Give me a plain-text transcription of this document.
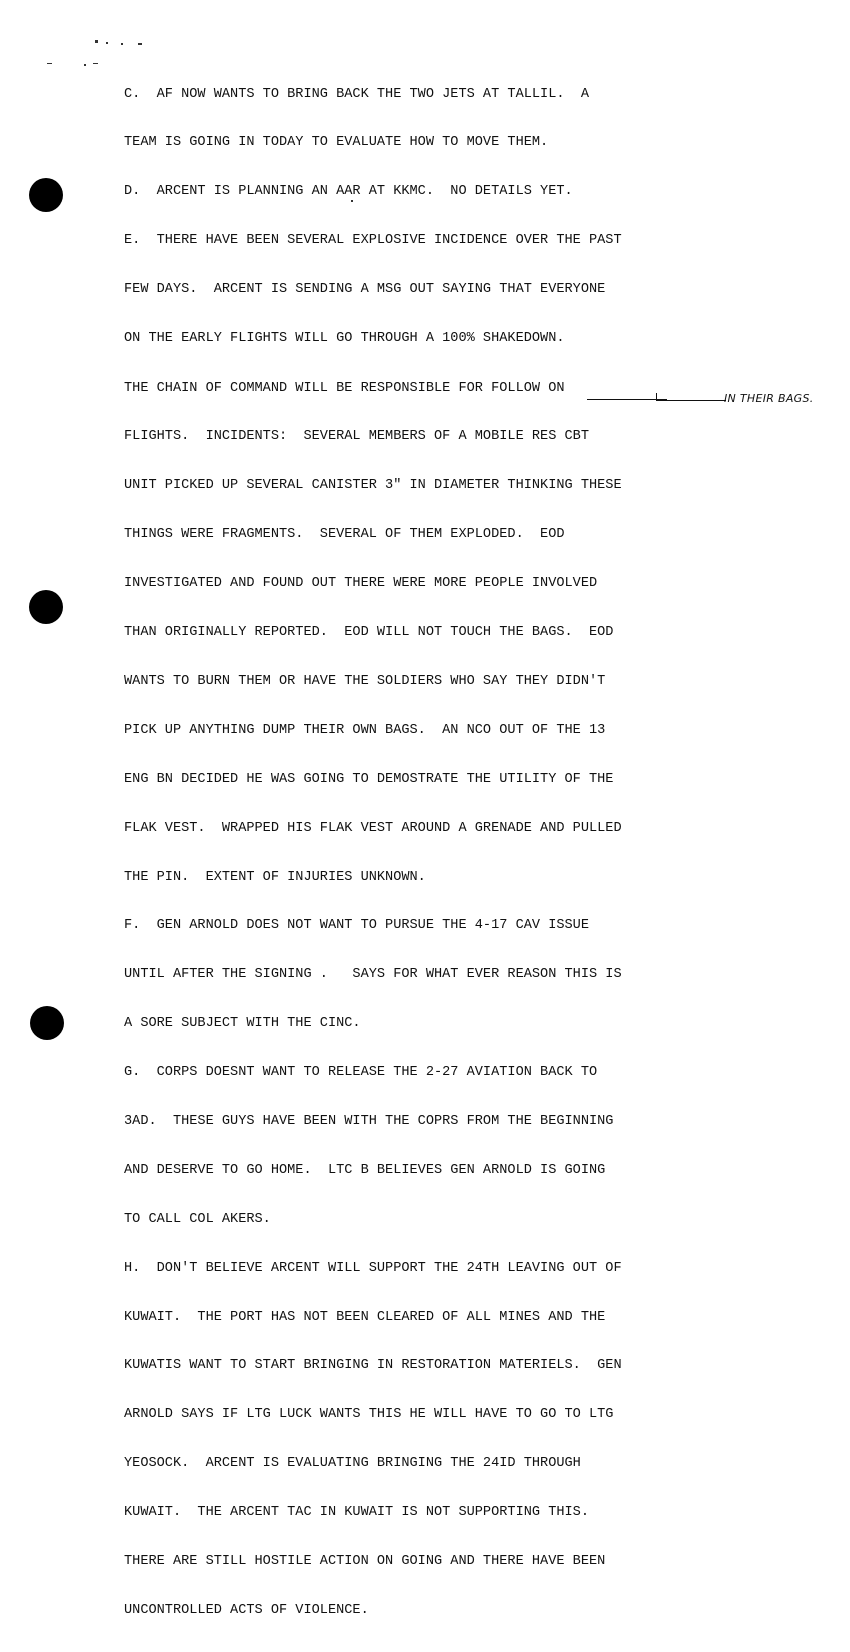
C.  AF NOW WANTS TO BRING BACK THE TWO JETS AT TALLIL.  A

TEAM IS GOING IN TODAY TO EVALUATE HOW TO MOVE THEM.

D.  ARCENT IS PLANNING AN AAR AT KKMC.  NO DETAILS YET.

E.  THERE HAVE BEEN SEVERAL EXPLOSIVE INCIDENCE OVER THE PAST

FEW DAYS.  ARCENT IS SENDING A MSG OUT SAYING THAT EVERYONE

ON THE EARLY FLIGHTS WILL GO THROUGH A 100% SHAKEDOWN.

THE CHAIN OF COMMAND WILL BE RESPONSIBLE FOR FOLLOW ON

FLIGHTS.  INCIDENTS:  SEVERAL MEMBERS OF A MOBILE RES CBT

UNIT PICKED UP SEVERAL CANISTER 3" IN DIAMETER THINKING THESE

THINGS WERE FRAGMENTS.  SEVERAL OF THEM EXPLODED.  EOD

INVESTIGATED AND FOUND OUT THERE WERE MORE PEOPLE INVOLVED

THAN ORIGINALLY REPORTED.  EOD WILL NOT TOUCH THE BAGS.  EOD

WANTS TO BURN THEM OR HAVE THE SOLDIERS WHO SAY THEY DIDN'T

PICK UP ANYTHING DUMP THEIR OWN BAGS.  AN NCO OUT OF THE 13

ENG BN DECIDED HE WAS GOING TO DEMOSTRATE THE UTILITY OF THE

FLAK VEST.  WRAPPED HIS FLAK VEST AROUND A GRENADE AND PULLED

THE PIN.  EXTENT OF INJURIES UNKNOWN.

F.  GEN ARNOLD DOES NOT WANT TO PURSUE THE 4-17 CAV ISSUE

UNTIL AFTER THE SIGNING .   SAYS FOR WHAT EVER REASON THIS IS

A SORE SUBJECT WITH THE CINC.

G.  CORPS DOESNT WANT TO RELEASE THE 2-27 AVIATION BACK TO

3AD.  THESE GUYS HAVE BEEN WITH THE COPRS FROM THE BEGINNING

AND DESERVE TO GO HOME.  LTC B BELIEVES GEN ARNOLD IS GOING

TO CALL COL AKERS.

H.  DON'T BELIEVE ARCENT WILL SUPPORT THE 24TH LEAVING OUT OF

KUWAIT.  THE PORT HAS NOT BEEN CLEARED OF ALL MINES AND THE

KUWATIS WANT TO START BRINGING IN RESTORATION MATERIELS.  GEN

ARNOLD SAYS IF LTG LUCK WANTS THIS HE WILL HAVE TO GO TO LTG

YEOSOCK.  ARCENT IS EVALUATING BRINGING THE 24ID THROUGH

KUWAIT.  THE ARCENT TAC IN KUWAIT IS NOT SUPPORTING THIS.

THERE ARE STILL HOSTILE ACTION ON GOING AND THERE HAVE BEEN

UNCONTROLLED ACTS OF VIOLENCE.

IN THEIR BAGS.
